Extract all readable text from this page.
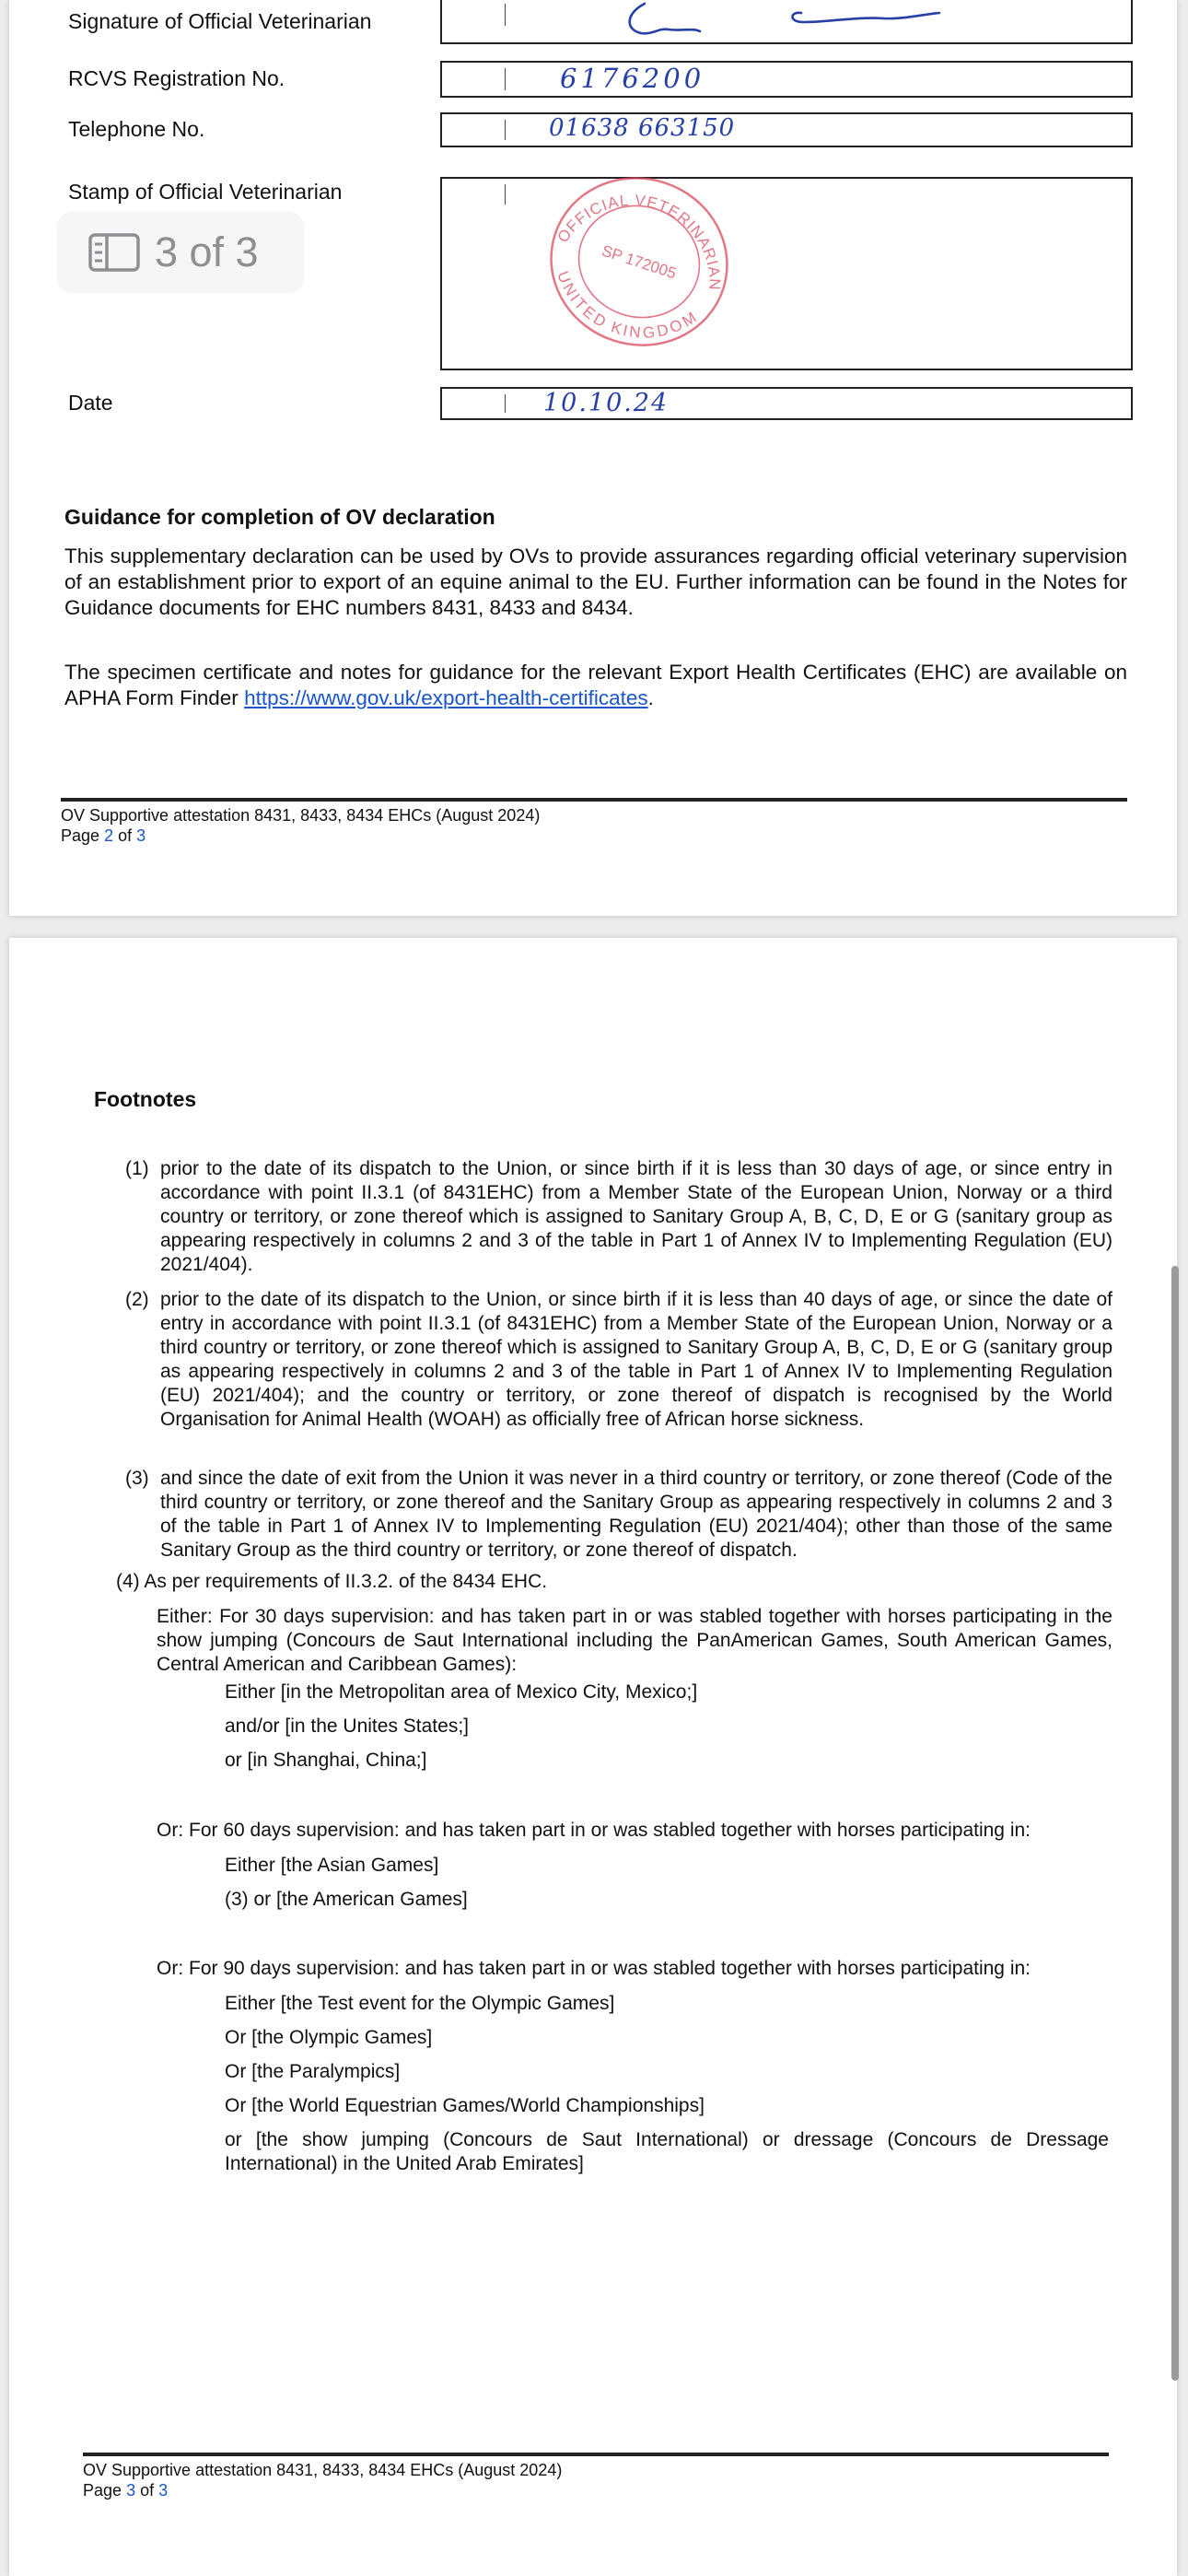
Signature of Official Veterinarian
RCVS Registration No.	6176200
Telephone No.	01638 663150
Stamp of Official Veterinarian
Date	10.10.24
Guidance for completion of OV declaration
This supplementary declaration can be used by OVs to provide assurances regarding official veterinary supervision of an establishment prior to export of an equine animal to the EU. Further information can be found in the Notes for Guidance documents for EHC numbers 8431, 8433 and 8434.
The specimen certificate and notes for guidance for the relevant Export Health Certificates (EHC) are available on APHA Form Finder https://www.gov.uk/export-health-certificates.
OV Supportive attestation 8431, 8433, 8434 EHCs (August 2024)
Page 2 of 3
OFFICIAL VETERINARIAN
UNITED KINGDOM
SP 172005
3 of 3
Footnotes
(1) prior to the date of its dispatch to the Union, or since birth if it is less than 30 days of age, or since entry in accordance with point II.3.1 (of 8431EHC) from a Member State of the European Union, Norway or a third country or territory, or zone thereof which is assigned to Sanitary Group A, B, C, D, E or G (sanitary group as appearing respectively in columns 2 and 3 of the table in Part 1 of Annex IV to Implementing Regulation (EU) 2021/404).
(2) prior to the date of its dispatch to the Union, or since birth if it is less than 40 days of age, or since the date of entry in accordance with point II.3.1 (of 8431EHC) from a Member State of the European Union, Norway or a third country or territory, or zone thereof which is assigned to Sanitary Group A, B, C, D, E or G (sanitary group as appearing respectively in columns 2 and 3 of the table in Part 1 of Annex IV to Implementing Regulation (EU) 2021/404); and the country or territory, or zone thereof of dispatch is recognised by the World Organisation for Animal Health (WOAH) as officially free of African horse sickness.
(3) and since the date of exit from the Union it was never in a third country or territory, or zone thereof (Code of the third country or territory, or zone thereof and the Sanitary Group as appearing respectively in columns 2 and 3 of the table in Part 1 of Annex IV to Implementing Regulation (EU) 2021/404); other than those of the same Sanitary Group as the third country or territory, or zone thereof of dispatch.
(4) As per requirements of II.3.2. of the 8434 EHC.
Either: For 30 days supervision: and has taken part in or was stabled together with horses participating in the show jumping (Concours de Saut International including the PanAmerican Games, South American Games, Central American and Caribbean Games):
Either [in the Metropolitan area of Mexico City, Mexico;]
and/or [in the Unites States;]
or [in Shanghai, China;]
Or: For 60 days supervision: and has taken part in or was stabled together with horses participating in:
Either [the Asian Games]
(3) or [the American Games]
Or: For 90 days supervision: and has taken part in or was stabled together with horses participating in:
Either [the Test event for the Olympic Games]
Or [the Olympic Games]
Or [the Paralympics]
Or [the World Equestrian Games/World Championships]
or [the show jumping (Concours de Saut International) or dressage (Concours de Dressage International) in the United Arab Emirates]
OV Supportive attestation 8431, 8433, 8434 EHCs (August 2024)
Page 3 of 3
